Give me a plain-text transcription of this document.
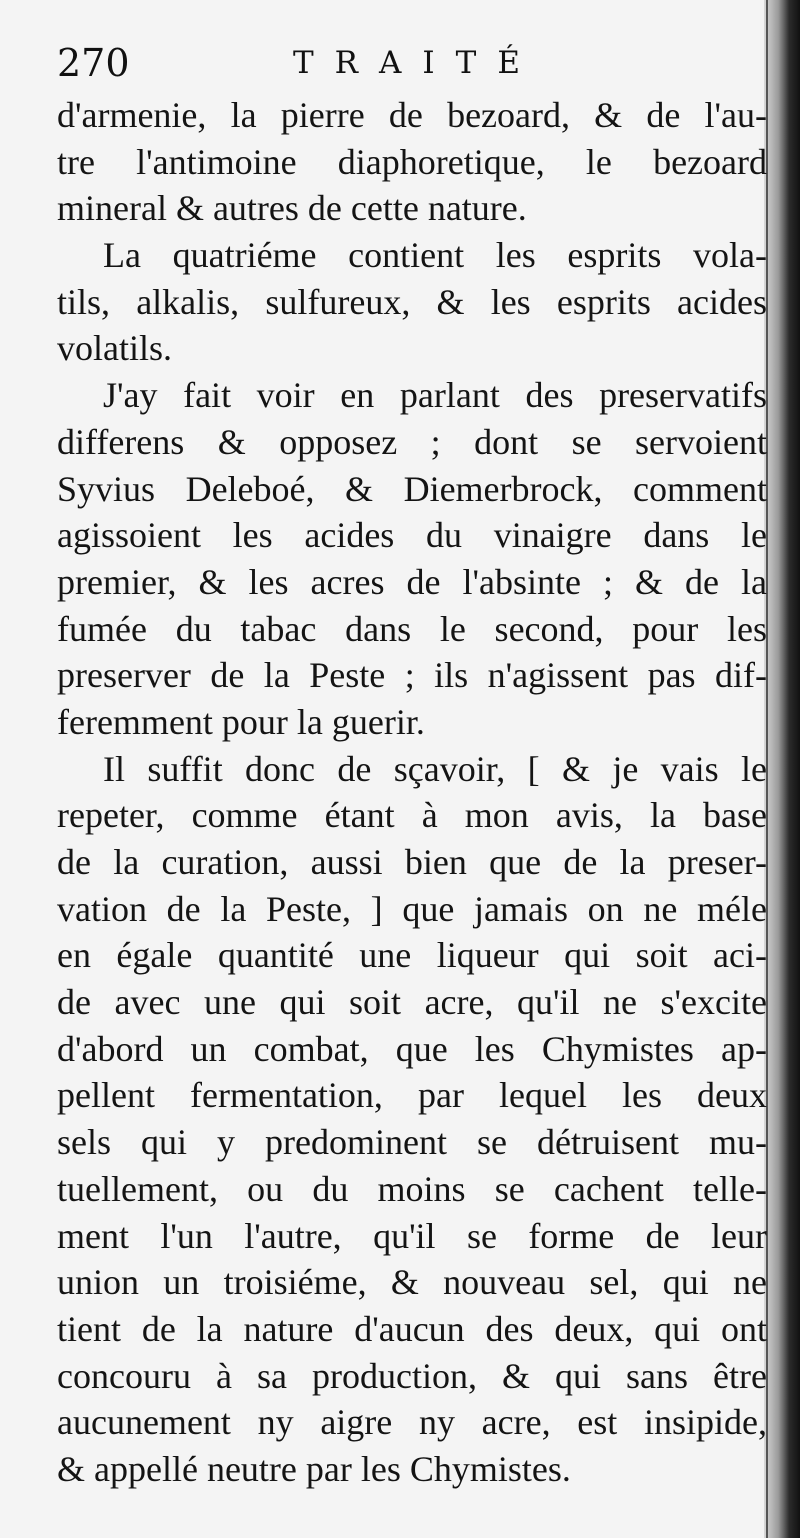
270	TRAITÉ
d'armenie, la pierre de bezoard, & de l'au-
tre l'antimoine diaphoretique, le bezoard
mineral & autres de cette nature.
La quatriéme contient les esprits vola-
tils, alkalis, sulfureux, & les esprits acides
volatils.
J'ay fait voir en parlant des preservatifs
differens & opposez ; dont se servoient
Syvius Deleboé, & Diemerbrock, comment
agissoient les acides du vinaigre dans le
premier, & les acres de l'absinte ; & de la
fumée du tabac dans le second, pour les
preserver de la Peste ; ils n'agissent pas dif-
feremment pour la guerir.
Il suffit donc de sçavoir, [ & je vais le
repeter, comme étant à mon avis, la base
de la curation, aussi bien que de la preser-
vation de la Peste, ] que jamais on ne méle
en égale quantité une liqueur qui soit aci-
de avec une qui soit acre, qu'il ne s'excite
d'abord un combat, que les Chymistes ap-
pellent fermentation, par lequel les deux
sels qui y predominent se détruisent mu-
tuellement, ou du moins se cachent telle-
ment l'un l'autre, qu'il se forme de leur
union un troisiéme, & nouveau sel, qui ne
tient de la nature d'aucun des deux, qui ont
concouru à sa production, & qui sans être
aucunement ny aigre ny acre, est insipide,
& appellé neutre par les Chymistes.
